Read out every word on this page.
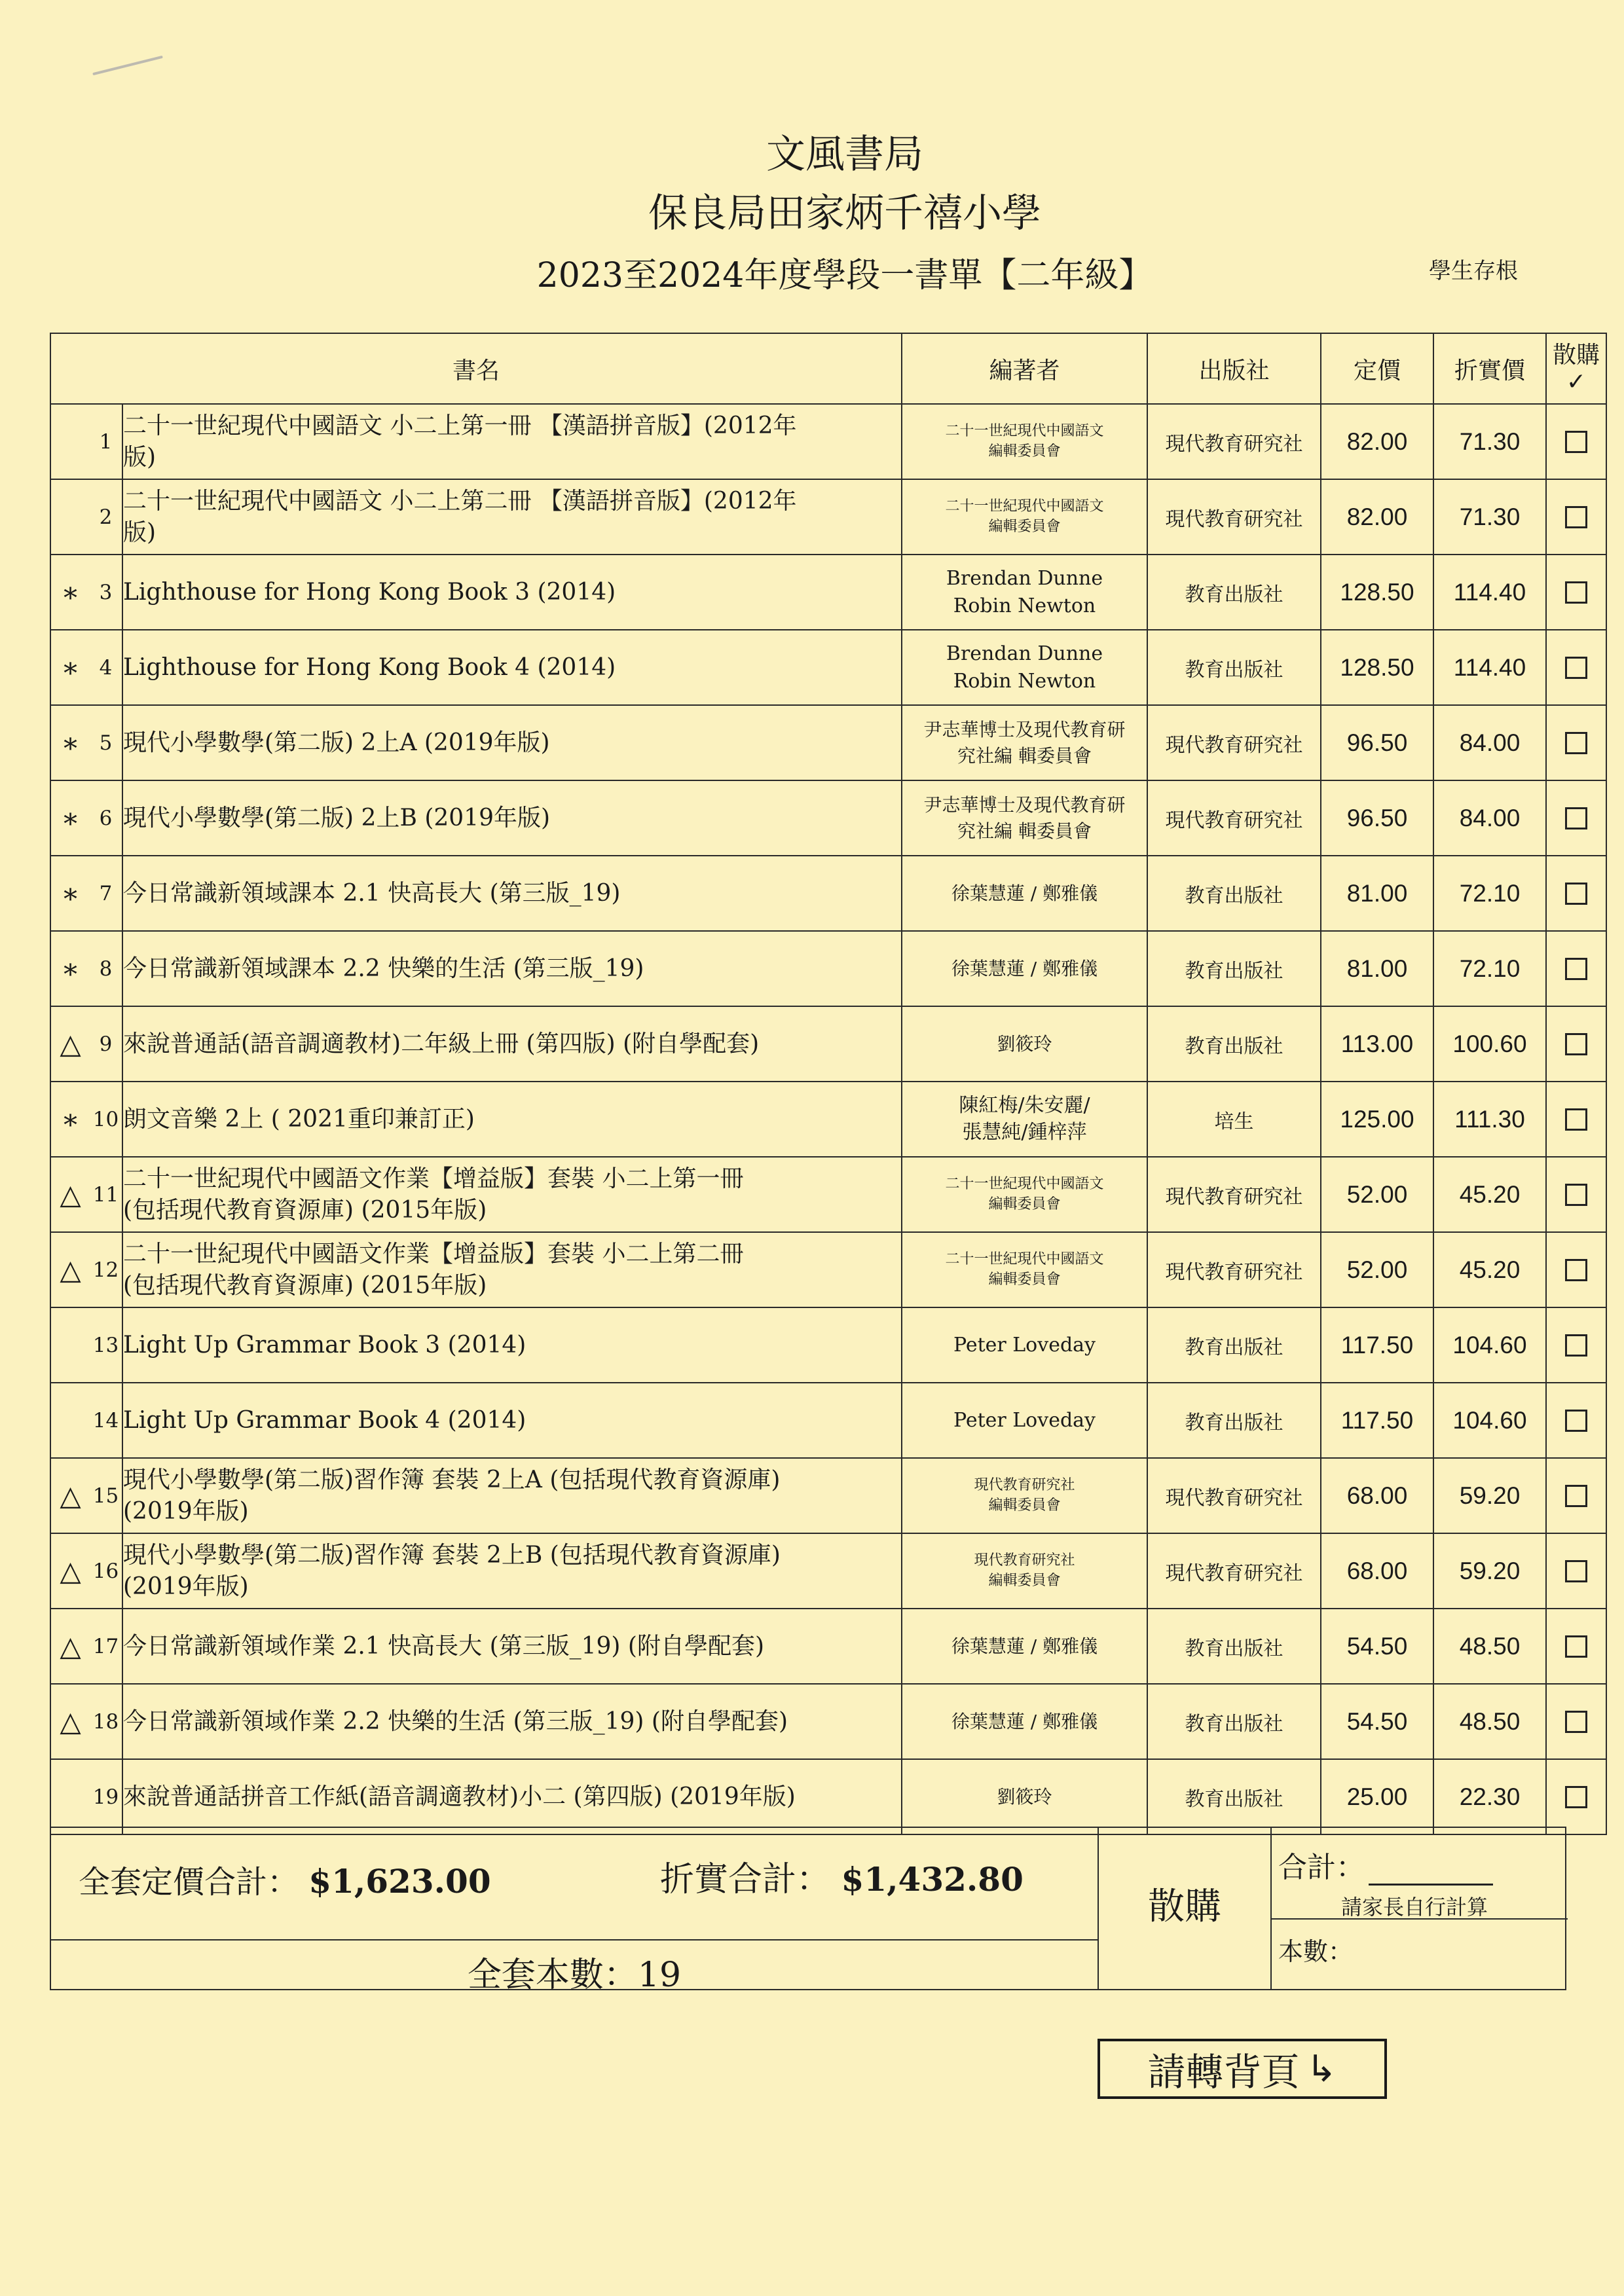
文風書局
保良局田家炳千禧小學
2023至2024年度學段一書單【二年級】	學生存根
書名			編著者	出版社	定價	折實價	散購
✓
	1	二十一世紀現代中國語文 小二上第一冊 【漢語拼音版】(2012年
版)	二十一世紀現代中國語文
編輯委員會	現代教育研究社	82.00	71.30	
	2	二十一世紀現代中國語文 小二上第二冊 【漢語拼音版】(2012年
版)	二十一世紀現代中國語文
編輯委員會	現代教育研究社	82.00	71.30	
∗	3	Lighthouse for Hong Kong Book 3 (2014)	Brendan Dunne
Robin Newton	教育出版社	128.50	114.40	
∗	4	Lighthouse for Hong Kong Book 4 (2014)	Brendan Dunne
Robin Newton	教育出版社	128.50	114.40	
∗	5	現代小學數學(第二版) 2上A (2019年版)	尹志華博士及現代教育研
究社編 輯委員會	現代教育研究社	96.50	84.00	
∗	6	現代小學數學(第二版) 2上B (2019年版)	尹志華博士及現代教育研
究社編 輯委員會	現代教育研究社	96.50	84.00	
∗	7	今日常識新領域課本 2.1 快高長大 (第三版_19)	徐葉慧蓮 / 鄭雅儀	教育出版社	81.00	72.10	
∗	8	今日常識新領域課本 2.2 快樂的生活 (第三版_19)	徐葉慧蓮 / 鄭雅儀	教育出版社	81.00	72.10	
△	9	來說普通話(語音調適教材)二年級上冊 (第四版) (附自學配套)	劉筱玲	教育出版社	113.00	100.60	
∗	10	朗文音樂 2上 ( 2021重印兼訂正)	陳紅梅/朱安麗/
張慧純/鍾梓萍	培生	125.00	111.30	
△	11	二十一世紀現代中國語文作業【增益版】套裝 小二上第一冊
(包括現代教育資源庫) (2015年版)	二十一世紀現代中國語文
編輯委員會	現代教育研究社	52.00	45.20	
△	12	二十一世紀現代中國語文作業【增益版】套裝 小二上第二冊
(包括現代教育資源庫) (2015年版)	二十一世紀現代中國語文
編輯委員會	現代教育研究社	52.00	45.20	
	13	Light Up Grammar Book 3 (2014)	Peter Loveday	教育出版社	117.50	104.60	
	14	Light Up Grammar Book 4 (2014)	Peter Loveday	教育出版社	117.50	104.60	
△	15	現代小學數學(第二版)習作簿 套裝 2上A (包括現代教育資源庫)
(2019年版)	現代教育研究社
編輯委員會	現代教育研究社	68.00	59.20	
△	16	現代小學數學(第二版)習作簿 套裝 2上B (包括現代教育資源庫)
(2019年版)	現代教育研究社
編輯委員會	現代教育研究社	68.00	59.20	
△	17	今日常識新領域作業 2.1 快高長大 (第三版_19) (附自學配套)	徐葉慧蓮 / 鄭雅儀	教育出版社	54.50	48.50	
△	18	今日常識新領域作業 2.2 快樂的生活 (第三版_19) (附自學配套)	徐葉慧蓮 / 鄭雅儀	教育出版社	54.50	48.50	
	19	來說普通話拼音工作紙(語音調適教材)小二 (第四版) (2019年版)	劉筱玲	教育出版社	25.00	22.30	
全套定價合計： $1,623.00	折實合計： $1,432.80
全套本數：19
散購
合計：
請家長自行計算
本數：
請轉背頁 ↳
